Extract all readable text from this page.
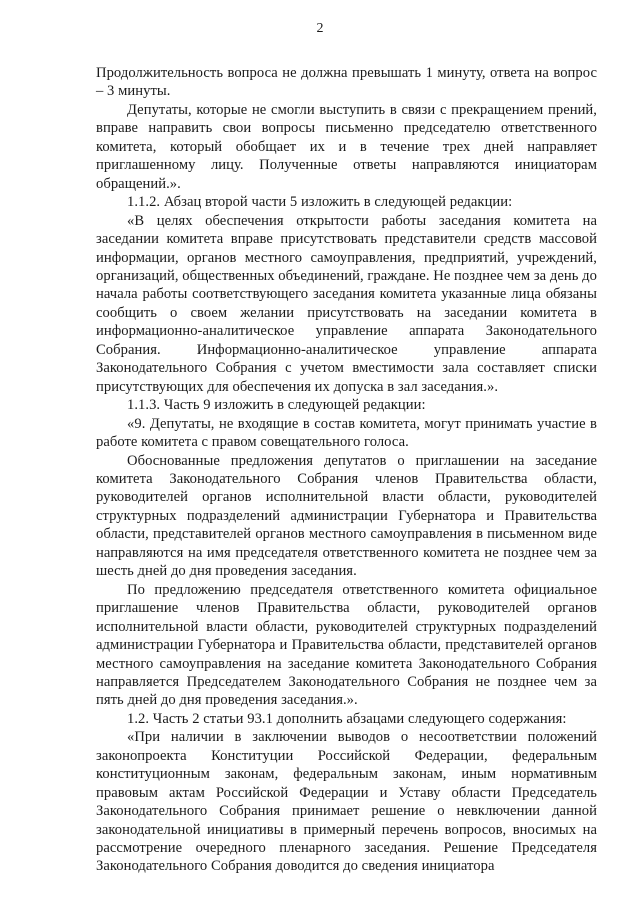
2

Продолжительность вопроса не должна превышать 1 минуту, ответа на вопрос – 3 минуты.

Депутаты, которые не смогли выступить в связи с прекращением прений, вправе направить свои вопросы письменно председателю ответственного комитета, который обобщает их и в течение трех дней направляет приглашенному лицу. Полученные ответы направляются инициаторам обращений.».

1.1.2. Абзац второй части 5 изложить в следующей редакции:

«В целях обеспечения открытости работы заседания комитета на заседании комитета вправе присутствовать представители средств массовой информации, органов местного самоуправления, предприятий, учреждений, организаций, общественных объединений, граждане. Не позднее чем за день до начала работы соответствующего заседания комитета указанные лица обязаны сообщить о своем желании присутствовать на заседании комитета в информационно-аналитическое управление аппарата Законодательного Собрания. Информационно-аналитическое управление аппарата Законодательного Собрания с учетом вместимости зала составляет списки присутствующих для обеспечения их допуска в зал заседания.».

1.1.3. Часть 9 изложить в следующей редакции:

«9. Депутаты, не входящие в состав комитета, могут принимать участие в работе комитета с правом совещательного голоса.

Обоснованные предложения депутатов о приглашении на заседание комитета Законодательного Собрания членов Правительства области, руководителей органов исполнительной власти области, руководителей структурных подразделений администрации Губернатора и Правительства области, представителей органов местного самоуправления в письменном виде направляются на имя председателя ответственного комитета не позднее чем за шесть дней до дня проведения заседания.

По предложению председателя ответственного комитета официальное приглашение членов Правительства области, руководителей органов исполнительной власти области, руководителей структурных подразделений администрации Губернатора и Правительства области, представителей органов местного самоуправления на заседание комитета Законодательного Собрания направляется Председателем Законодательного Собрания не позднее чем за пять дней до дня проведения заседания.».

1.2. Часть 2 статьи 93.1 дополнить абзацами следующего содержания:

«При наличии в заключении выводов о несоответствии положений законопроекта Конституции Российской Федерации, федеральным конституционным законам, федеральным законам, иным нормативным правовым актам Российской Федерации и Уставу области Председатель Законодательного Собрания принимает решение о невключении данной законодательной инициативы в примерный перечень вопросов, вносимых на рассмотрение очередного пленарного заседания. Решение Председателя Законодательного Собрания доводится до сведения инициатора
